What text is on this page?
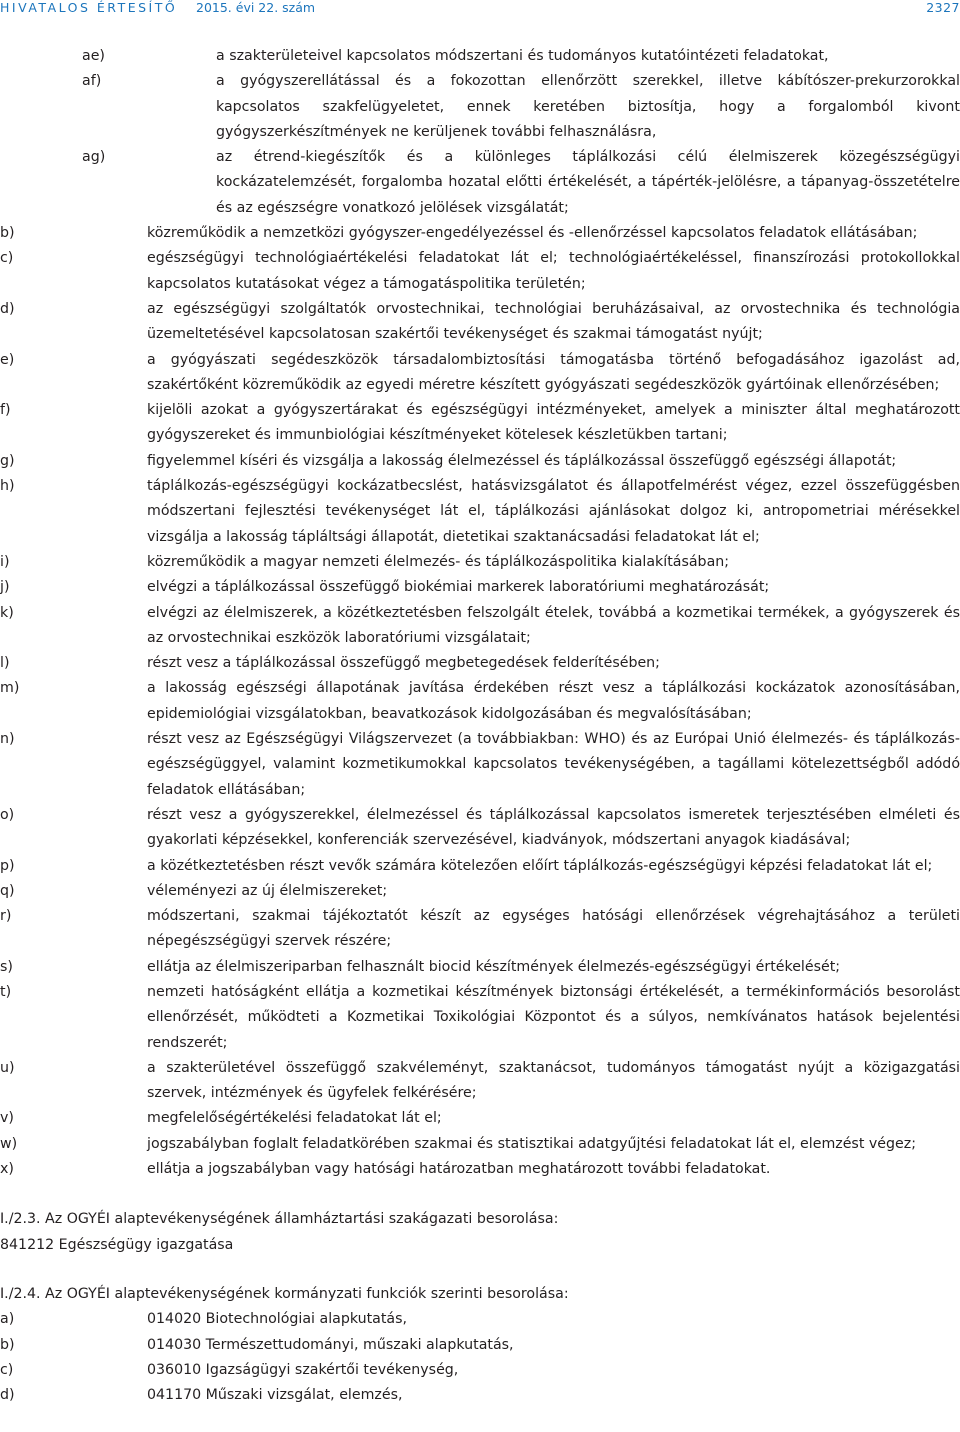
HIVATALOS ÉRTESÍTŐ 2015. évi 22. szám	2327
ae)	a szakterületeivel kapcsolatos módszertani és tudományos kutatóintézeti feladatokat,
af)	a gyógyszerellátással és a fokozottan ellenőrzött szerekkel, illetve kábítószer-prekurzorokkal kapcsolatos szakfelügyeletet, ennek keretében biztosítja, hogy a forgalomból kivont gyógyszerkészítmények ne kerüljenek további felhasználásra,
ag)	az étrend-kiegészítők és a különleges táplálkozási célú élelmiszerek közegészségügyi kockázatelemzését, forgalomba hozatal előtti értékelését, a tápérték-jelölésre, a tápanyag-összetételre és az egészségre vonatkozó jelölések vizsgálatát;
b)	közreműködik a nemzetközi gyógyszer-engedélyezéssel és -ellenőrzéssel kapcsolatos feladatok ellátásában;
c)	egészségügyi technológiaértékelési feladatokat lát el; technológiaértékeléssel, finanszírozási protokollokkal kapcsolatos kutatásokat végez a támogatáspolitika területén;
d)	az egészségügyi szolgáltatók orvostechnikai, technológiai beruházásaival, az orvostechnika és technológia üzemeltetésével kapcsolatosan szakértői tevékenységet és szakmai támogatást nyújt;
e)	a gyógyászati segédeszközök társadalombiztosítási támogatásba történő befogadásához igazolást ad, szakértőként közreműködik az egyedi méretre készített gyógyászati segédeszközök gyártóinak ellenőrzésében;
f)	kijelöli azokat a gyógyszertárakat és egészségügyi intézményeket, amelyek a miniszter által meghatározott gyógyszereket és immunbiológiai készítményeket kötelesek készletükben tartani;
g)	figyelemmel kíséri és vizsgálja a lakosság élelmezéssel és táplálkozással összefüggő egészségi állapotát;
h)	táplálkozás-egészségügyi kockázatbecslést, hatásvizsgálatot és állapotfelmérést végez, ezzel összefüggésben módszertani fejlesztési tevékenységet lát el, táplálkozási ajánlásokat dolgoz ki, antropometriai mérésekkel vizsgálja a lakosság tápláltsági állapotát, dietetikai szaktanácsadási feladatokat lát el;
i)	közreműködik a magyar nemzeti élelmezés- és táplálkozáspolitika kialakításában;
j)	elvégzi a táplálkozással összefüggő biokémiai markerek laboratóriumi meghatározását;
k)	elvégzi az élelmiszerek, a közétkeztetésben felszolgált ételek, továbbá a kozmetikai termékek, a gyógyszerek és az orvostechnikai eszközök laboratóriumi vizsgálatait;
l)	részt vesz a táplálkozással összefüggő megbetegedések felderítésében;
m)	a lakosság egészségi állapotának javítása érdekében részt vesz a táplálkozási kockázatok azonosításában, epidemiológiai vizsgálatokban, beavatkozások kidolgozásában és megvalósításában;
n)	részt vesz az Egészségügyi Világszervezet (a továbbiakban: WHO) és az Európai Unió élelmezés- és táplálkozás-egészségüggyel, valamint kozmetikumokkal kapcsolatos tevékenységében, a tagállami kötelezettségből adódó feladatok ellátásában;
o)	részt vesz a gyógyszerekkel, élelmezéssel és táplálkozással kapcsolatos ismeretek terjesztésében elméleti és gyakorlati képzésekkel, konferenciák szervezésével, kiadványok, módszertani anyagok kiadásával;
p)	a közétkeztetésben részt vevők számára kötelezően előírt táplálkozás-egészségügyi képzési feladatokat lát el;
q)	véleményezi az új élelmiszereket;
r)	módszertani, szakmai tájékoztatót készít az egységes hatósági ellenőrzések végrehajtásához a területi népegészségügyi szervek részére;
s)	ellátja az élelmiszeriparban felhasznált biocid készítmények élelmezés-egészségügyi értékelését;
t)	nemzeti hatóságként ellátja a kozmetikai készítmények biztonsági értékelését, a termékinformációs besorolást ellenőrzését, működteti a Kozmetikai Toxikológiai Központot és a súlyos, nemkívánatos hatások bejelentési rendszerét;
u)	a szakterületével összefüggő szakvéleményt, szaktanácsot, tudományos támogatást nyújt a közigazgatási szervek, intézmények és ügyfelek felkérésére;
v)	megfelelőségértékelési feladatokat lát el;
w)	jogszabályban foglalt feladatkörében szakmai és statisztikai adatgyűjtési feladatokat lát el, elemzést végez;
x)	ellátja a jogszabályban vagy hatósági határozatban meghatározott további feladatokat.

I./2.3. Az OGYÉI alaptevékenységének államháztartási szakágazati besorolása:

841212 Egészségügy igazgatása

I./2.4. Az OGYÉI alaptevékenységének kormányzati funkciók szerinti besorolása:

a)	014020 Biotechnológiai alapkutatás,
b)	014030 Természettudományi, műszaki alapkutatás,
c)	036010 Igazságügyi szakértői tevékenység,
d)	041170 Műszaki vizsgálat, elemzés,
